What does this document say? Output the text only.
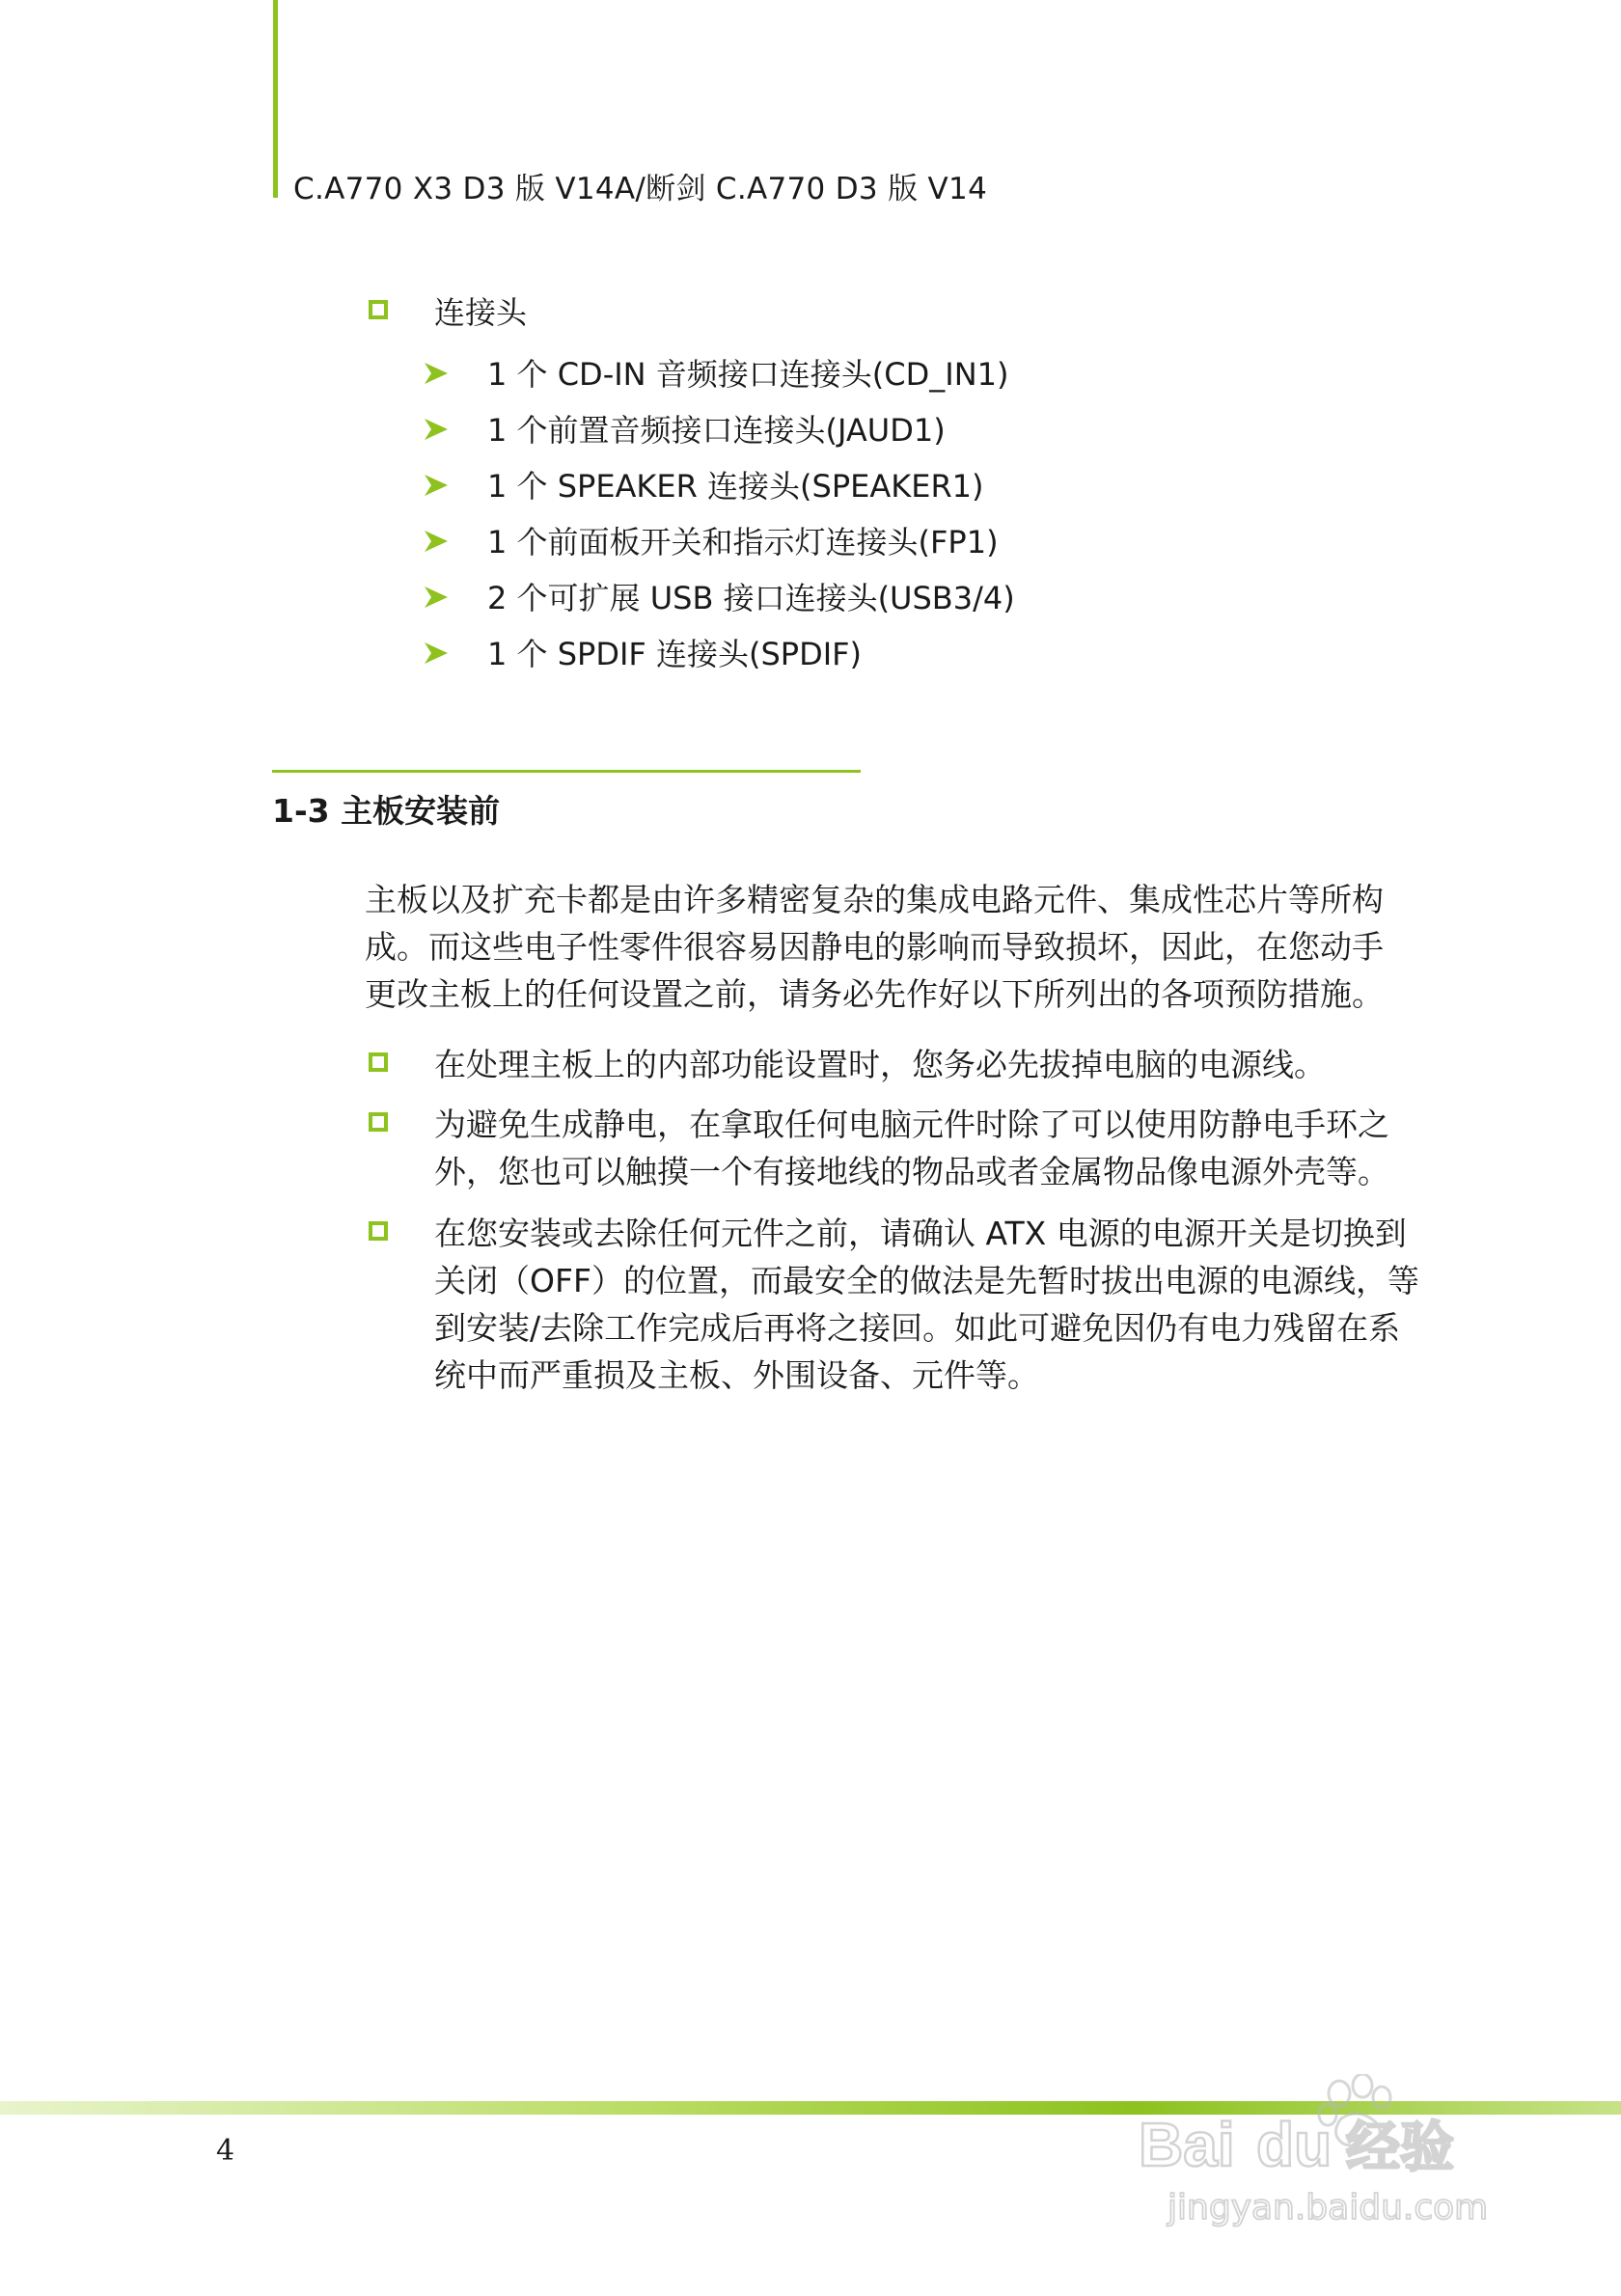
C.A770 X3 D3 版 V14A/断剑 C.A770 D3 版 V14
连接头
1 个 CD-IN 音频接口连接头(CD_IN1)
1 个前置音频接口连接头(JAUD1)
1 个 SPEAKER 连接头(SPEAKER1)
1 个前面板开关和指示灯连接头(FP1)
2 个可扩展 USB 接口连接头(USB3/4)
1 个 SPDIF 连接头(SPDIF)
1-3 主板安装前
主板以及扩充卡都是由许多精密复杂的集成电路元件、集成性芯片等所构
成。而这些电子性零件很容易因静电的影响而导致损坏，因此，在您动手
更改主板上的任何设置之前，请务必先作好以下所列出的各项预防措施。
在处理主板上的内部功能设置时，您务必先拔掉电脑的电源线。
为避免生成静电，在拿取任何电脑元件时除了可以使用防静电手环之
外，您也可以触摸一个有接地线的物品或者金属物品像电源外壳等。
在您安装或去除任何元件之前，请确认 ATX 电源的电源开关是切换到
关闭（OFF）的位置，而最安全的做法是先暂时拔出电源的电源线，等
到安装/去除工作完成后再将之接回。如此可避免因仍有电力残留在系
统中而严重损及主板、外围设备、元件等。
4	Bai du 经验
jingyan.baidu.com
